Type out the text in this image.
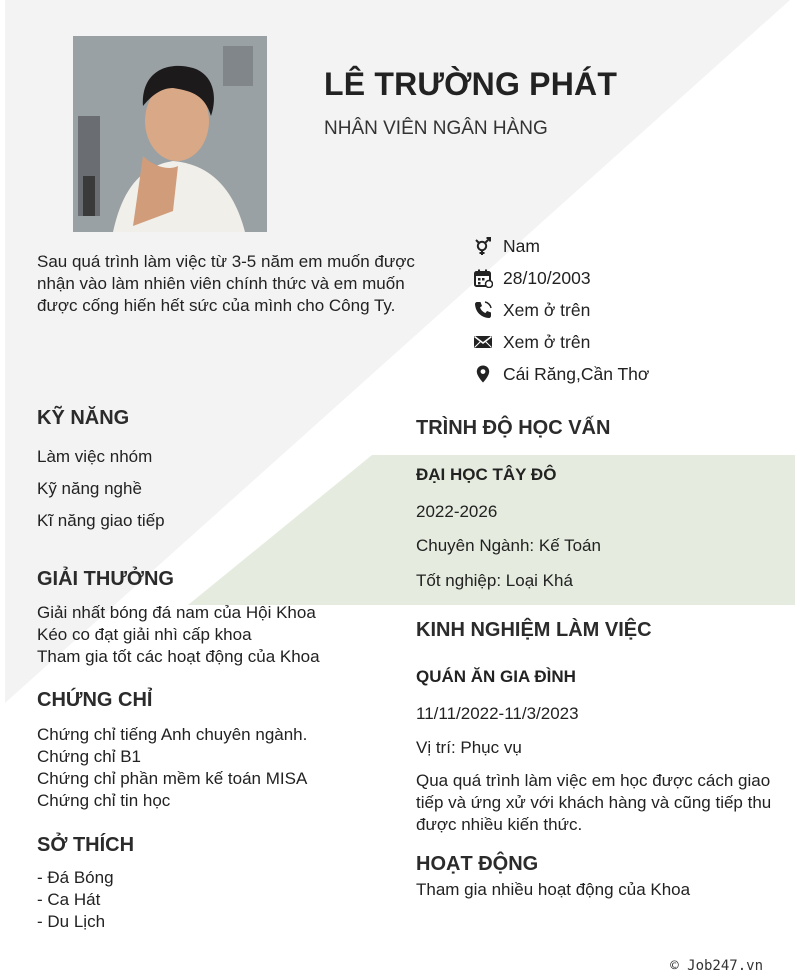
LÊ TRƯỜNG PHÁT
NHÂN VIÊN NGÂN HÀNG
Sau quá trình làm việc từ 3-5 năm em muốn được nhận vào làm nhiên viên chính thức và em muốn được cống hiến hết sức của mình cho Công Ty.
Nam
28/10/2003
Xem ở trên
Xem ở trên
Cái Răng,Cần Thơ
KỸ NĂNG
Làm việc nhóm
Kỹ năng nghề
Kĩ năng giao tiếp
GIẢI THƯỞNG
Giải nhất bóng đá nam của Hội Khoa
Kéo co đạt giải nhì cấp khoa
Tham gia tốt các hoạt động của Khoa
CHỨNG CHỈ
Chứng chỉ tiếng Anh chuyên ngành.
Chứng chỉ B1
Chứng chỉ phần mềm kế toán MISA
Chứng chỉ tin học
SỞ THÍCH
- Đá Bóng
- Ca Hát
- Du Lịch
TRÌNH ĐỘ HỌC VẤN
ĐẠI HỌC TÂY ĐÔ
2022-2026
Chuyên Ngành: Kế Toán
Tốt nghiệp: Loại Khá
KINH NGHIỆM LÀM VIỆC
QUÁN ĂN GIA ĐÌNH
11/11/2022-11/3/2023
Vị trí: Phục vụ
Qua quá trình làm việc em học được cách giao tiếp và ứng xử với khách hàng và cũng tiếp thu được nhiều kiến thức.
HOẠT ĐỘNG
Tham gia nhiều hoạt động của Khoa
© Job247.vn
